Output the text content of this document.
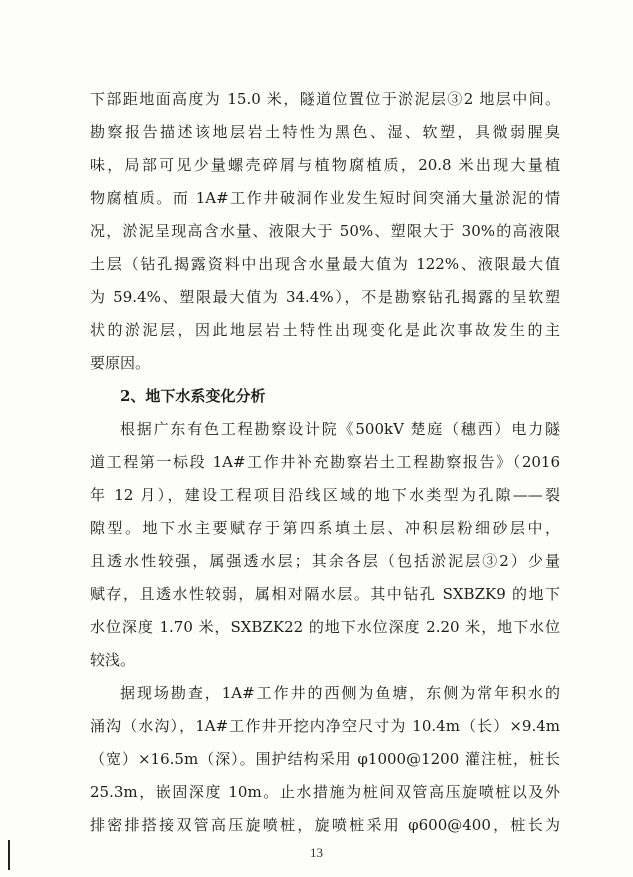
下部距地面高度为 15.0 米，隧道位置位于淤泥层③2 地层中间。
勘察报告描述该地层岩土特性为黑色、湿、软塑，具微弱腥臭
味，局部可见少量螺壳碎屑与植物腐植质，20.8 米出现大量植
物腐植质。而 1A#工作井破洞作业发生短时间突涌大量淤泥的情
况，淤泥呈现高含水量、液限大于 50%、塑限大于 30%的高液限
土层（钻孔揭露资料中出现含水量最大值为 122%、液限最大值
为 59.4%、塑限最大值为 34.4%），不是勘察钻孔揭露的呈软塑
状的淤泥层，因此地层岩土特性出现变化是此次事故发生的主
要原因。
2、地下水系变化分析
根据广东有色工程勘察设计院《500kV 楚庭（穗西）电力隧
道工程第一标段 1A#工作井补充勘察岩土工程勘察报告》（2016
年 12 月），建设工程项目沿线区域的地下水类型为孔隙——裂
隙型。地下水主要赋存于第四系填土层、冲积层粉细砂层中，
且透水性较强，属强透水层；其余各层（包括淤泥层③2）少量
赋存，且透水性较弱，属相对隔水层。其中钻孔 SXBZK9 的地下
水位深度 1.70 米，SXBZK22 的地下水位深度 2.20 米，地下水位
较浅。
据现场勘查，1A#工作井的西侧为鱼塘，东侧为常年积水的
涌沟（水沟），1A#工作井开挖内净空尺寸为 10.4m（长）×9.4m
（宽）×16.5m（深）。围护结构采用 φ1000@1200 灌注桩，桩长
25.3m，嵌固深度 10m。止水措施为桩间双管高压旋喷桩以及外
排密排搭接双管高压旋喷桩，旋喷桩采用 φ600@400，桩长为
13
